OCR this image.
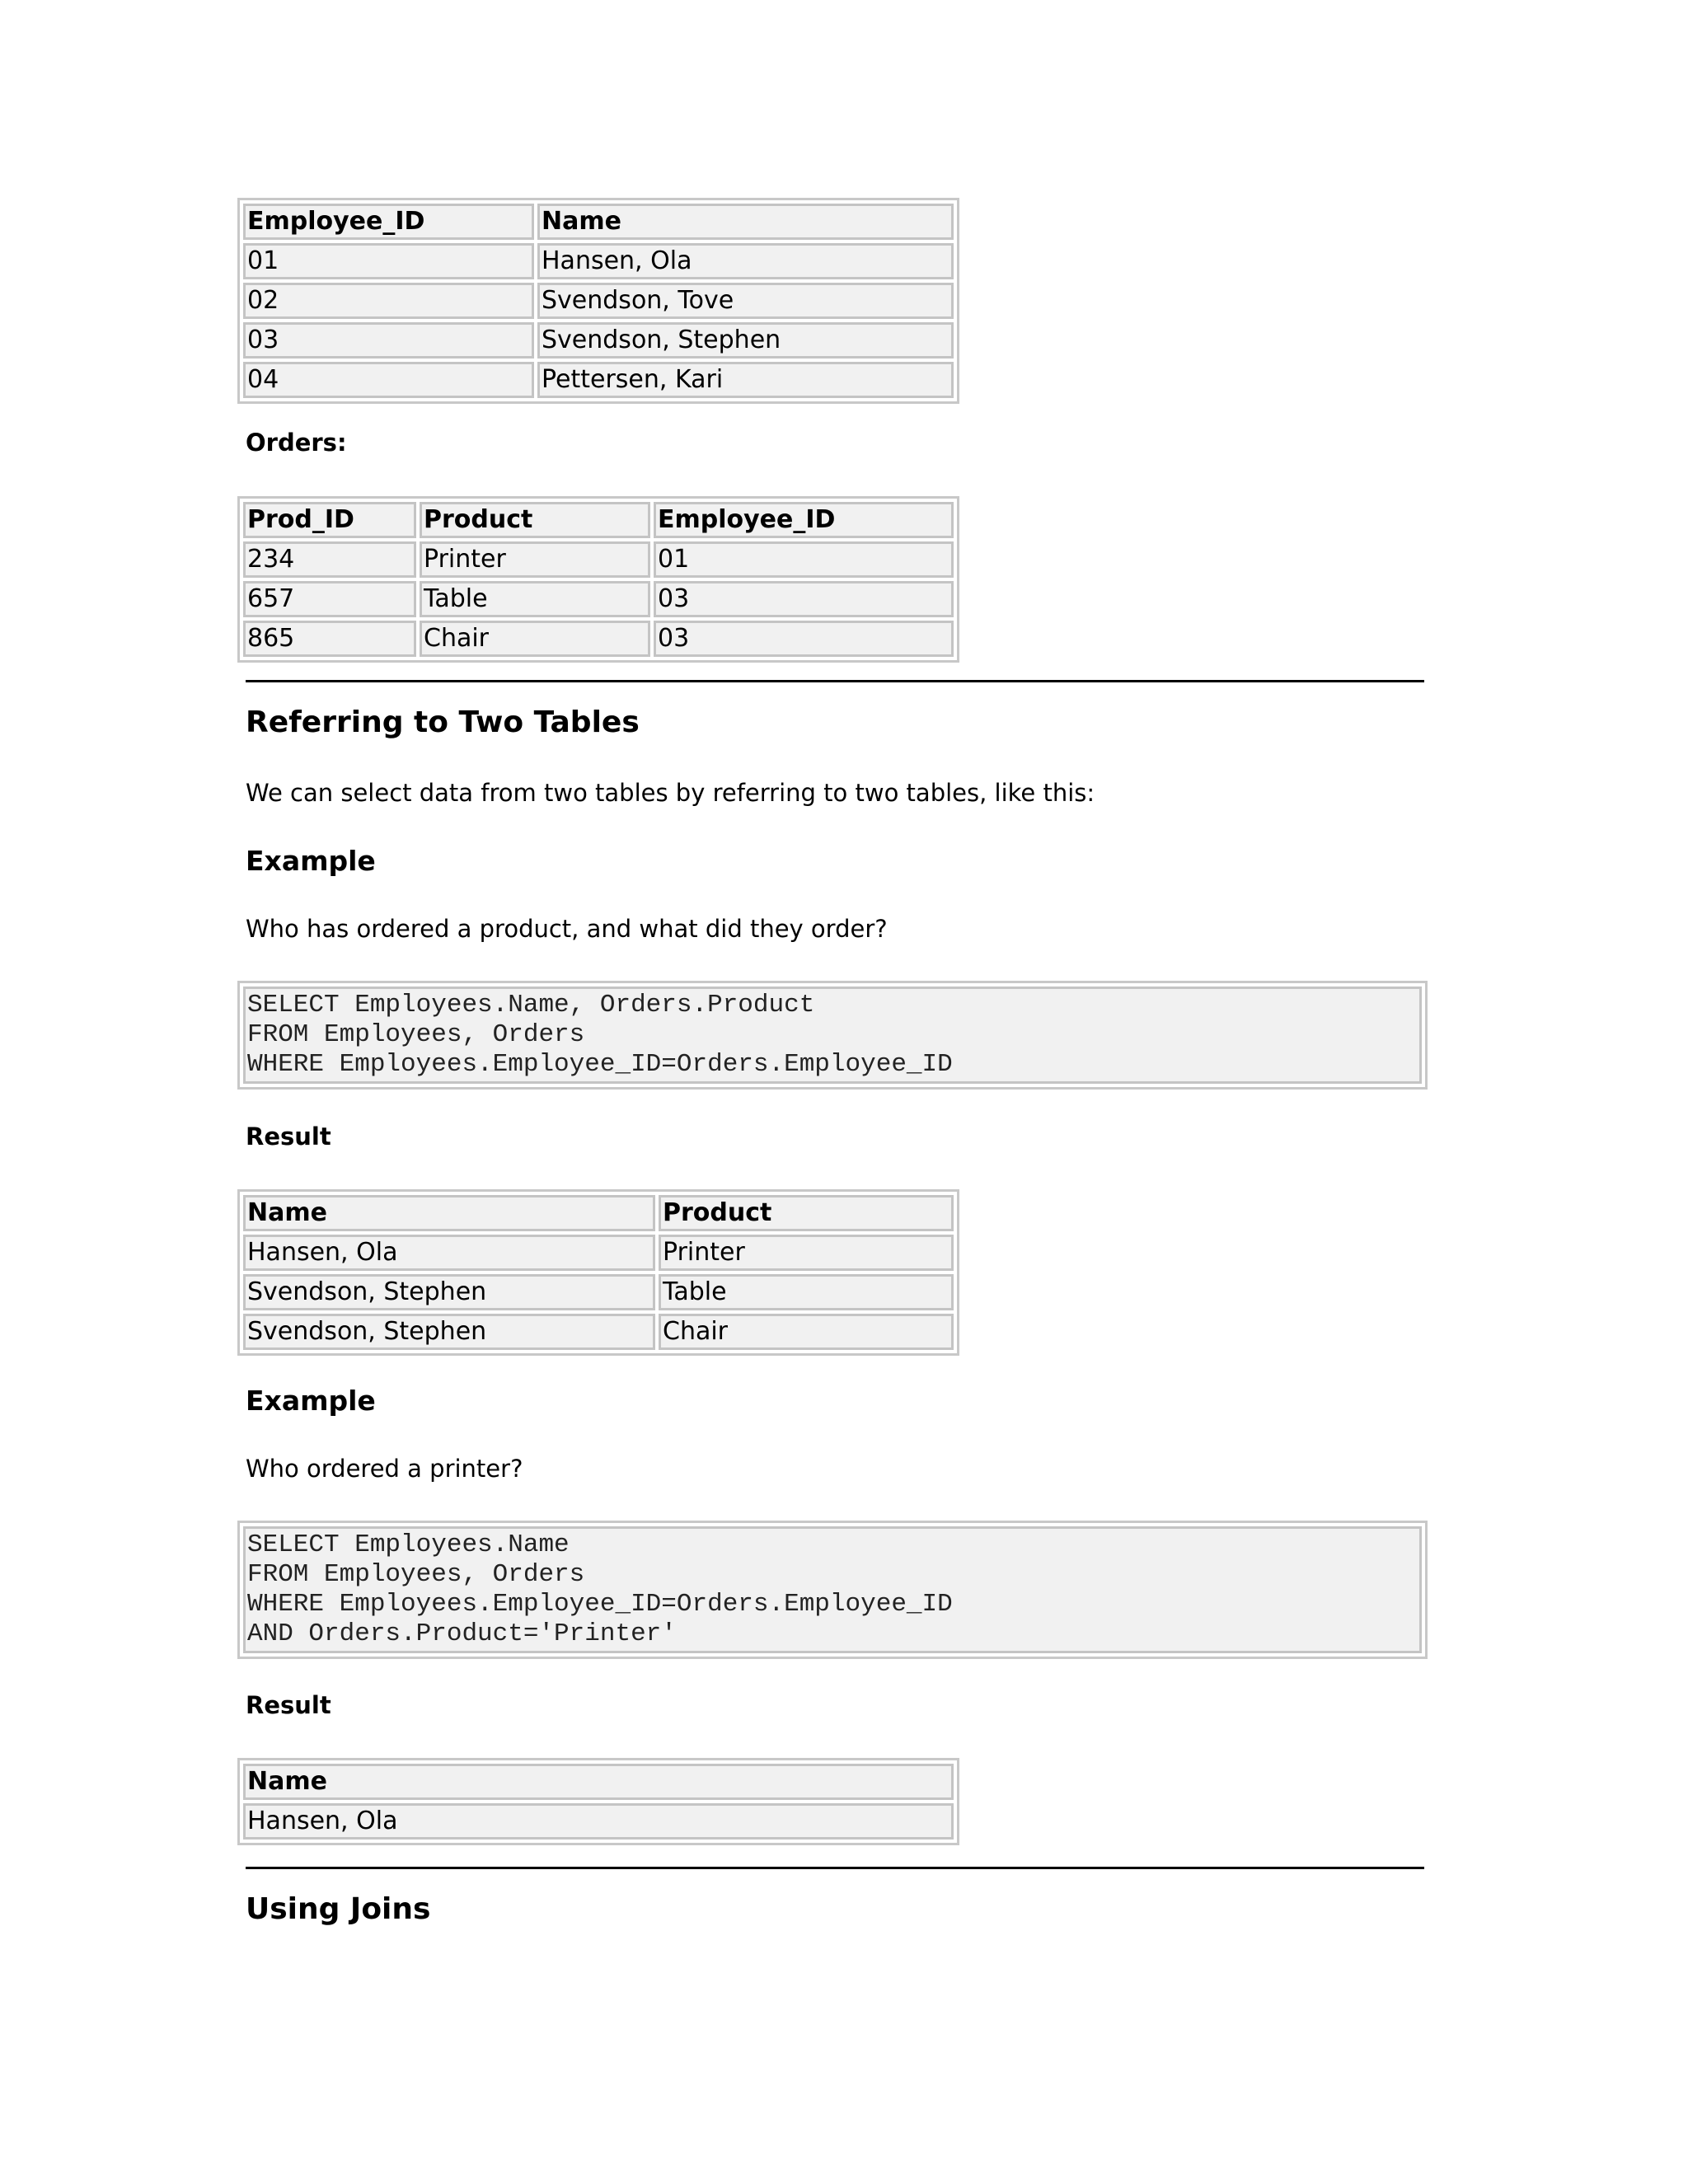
Employee_ID	Name
01	Hansen, Ola
02	Svendson, Tove
03	Svendson, Stephen
04	Pettersen, Kari
Orders:
Prod_ID	Product	Employee_ID
234	Printer	01
657	Table	03
865	Chair	03
Referring to Two Tables
We can select data from two tables by referring to two tables, like this:
Example
Who has ordered a product, and what did they order?
SELECT Employees.Name, Orders.Product
FROM Employees, Orders
WHERE Employees.Employee_ID=Orders.Employee_ID
Result
Name	Product
Hansen, Ola	Printer
Svendson, Stephen	Table
Svendson, Stephen	Chair
Example
Who ordered a printer?
SELECT Employees.Name
FROM Employees, Orders
WHERE Employees.Employee_ID=Orders.Employee_ID
AND Orders.Product='Printer'
Result
Name
Hansen, Ola
Using Joins
